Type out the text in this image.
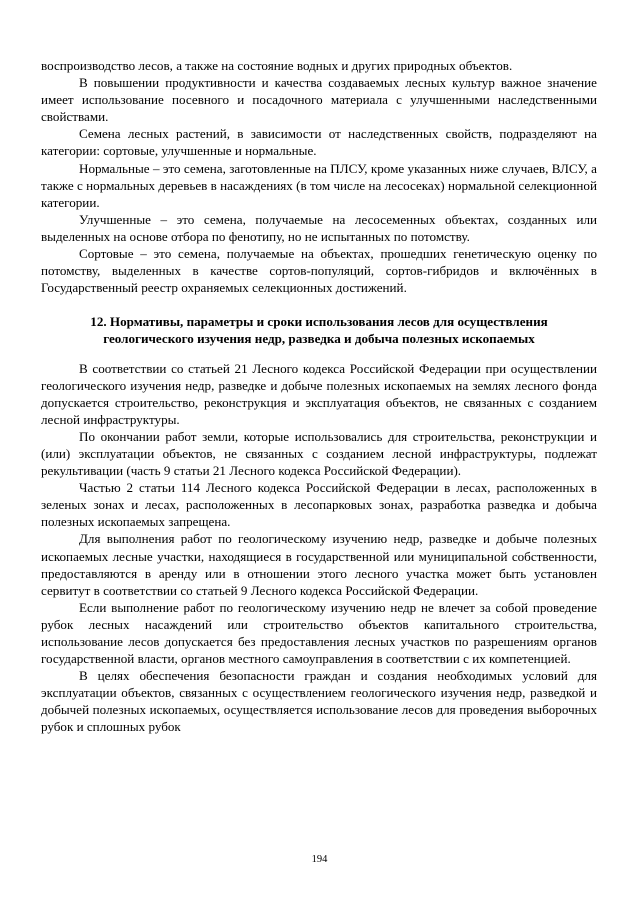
воспроизводство лесов, а также на состояние водных и других природных объектов.

В повышении продуктивности и качества создаваемых лесных культур важное значение имеет использование посевного и посадочного материала с улучшенными наследственными свойствами.

Семена лесных растений, в зависимости от наследственных свойств, подразделяют на категории: сортовые, улучшенные и нормальные.

Нормальные – это семена, заготовленные на ПЛСУ, кроме указанных ниже случаев, ВЛСУ, а также с нормальных деревьев в насаждениях (в том числе на лесосеках) нормальной селекционной категории.

Улучшенные – это семена, получаемые на лесосеменных объектах, созданных или выделенных на основе отбора по фенотипу, но не испытанных по потомству.

Сортовые – это семена, получаемые на объектах, прошедших генетическую оценку по потомству, выделенных в качестве сортов-популяций, сортов-гибридов и включённых в Государственный реестр охраняемых селекционных достижений.

12. Нормативы, параметры и сроки использования лесов для осуществления геологического изучения недр, разведка и добыча полезных ископаемых

В соответствии со статьей 21 Лесного кодекса Российской Федерации при осуществлении геологического изучения недр, разведке и добыче полезных ископаемых на землях лесного фонда допускается строительство, реконструкция и эксплуатация объектов, не связанных с созданием лесной инфраструктуры.

По окончании работ земли, которые использовались для строительства, реконструкции и (или) эксплуатации объектов, не связанных с созданием лесной инфраструктуры, подлежат рекультивации (часть 9 статьи 21 Лесного кодекса Российской Федерации).

Частью 2 статьи 114 Лесного кодекса Российской Федерации в лесах, расположенных в зеленых зонах и лесах, расположенных в лесопарковых зонах, разработка разведка и добыча полезных ископаемых запрещена.

Для выполнения работ по геологическому изучению недр, разведке и добыче полезных ископаемых лесные участки, находящиеся в государственной или муниципальной собственности, предоставляются в аренду или в отношении этого лесного участка может быть установлен сервитут в соответствии со статьей 9 Лесного кодекса Российской Федерации.

Если выполнение работ по геологическому изучению недр не влечет за собой проведение рубок лесных насаждений или строительство объектов капитального строительства, использование лесов допускается без предоставления лесных участков по разрешениям органов государственной власти, органов местного самоуправления в соответствии с их компетенцией.

В целях обеспечения безопасности граждан и создания необходимых условий для эксплуатации объектов, связанных с осуществлением геологического изучения недр, разведкой и добычей полезных ископаемых, осуществляется использование лесов для проведения выборочных рубок и сплошных рубок

194
